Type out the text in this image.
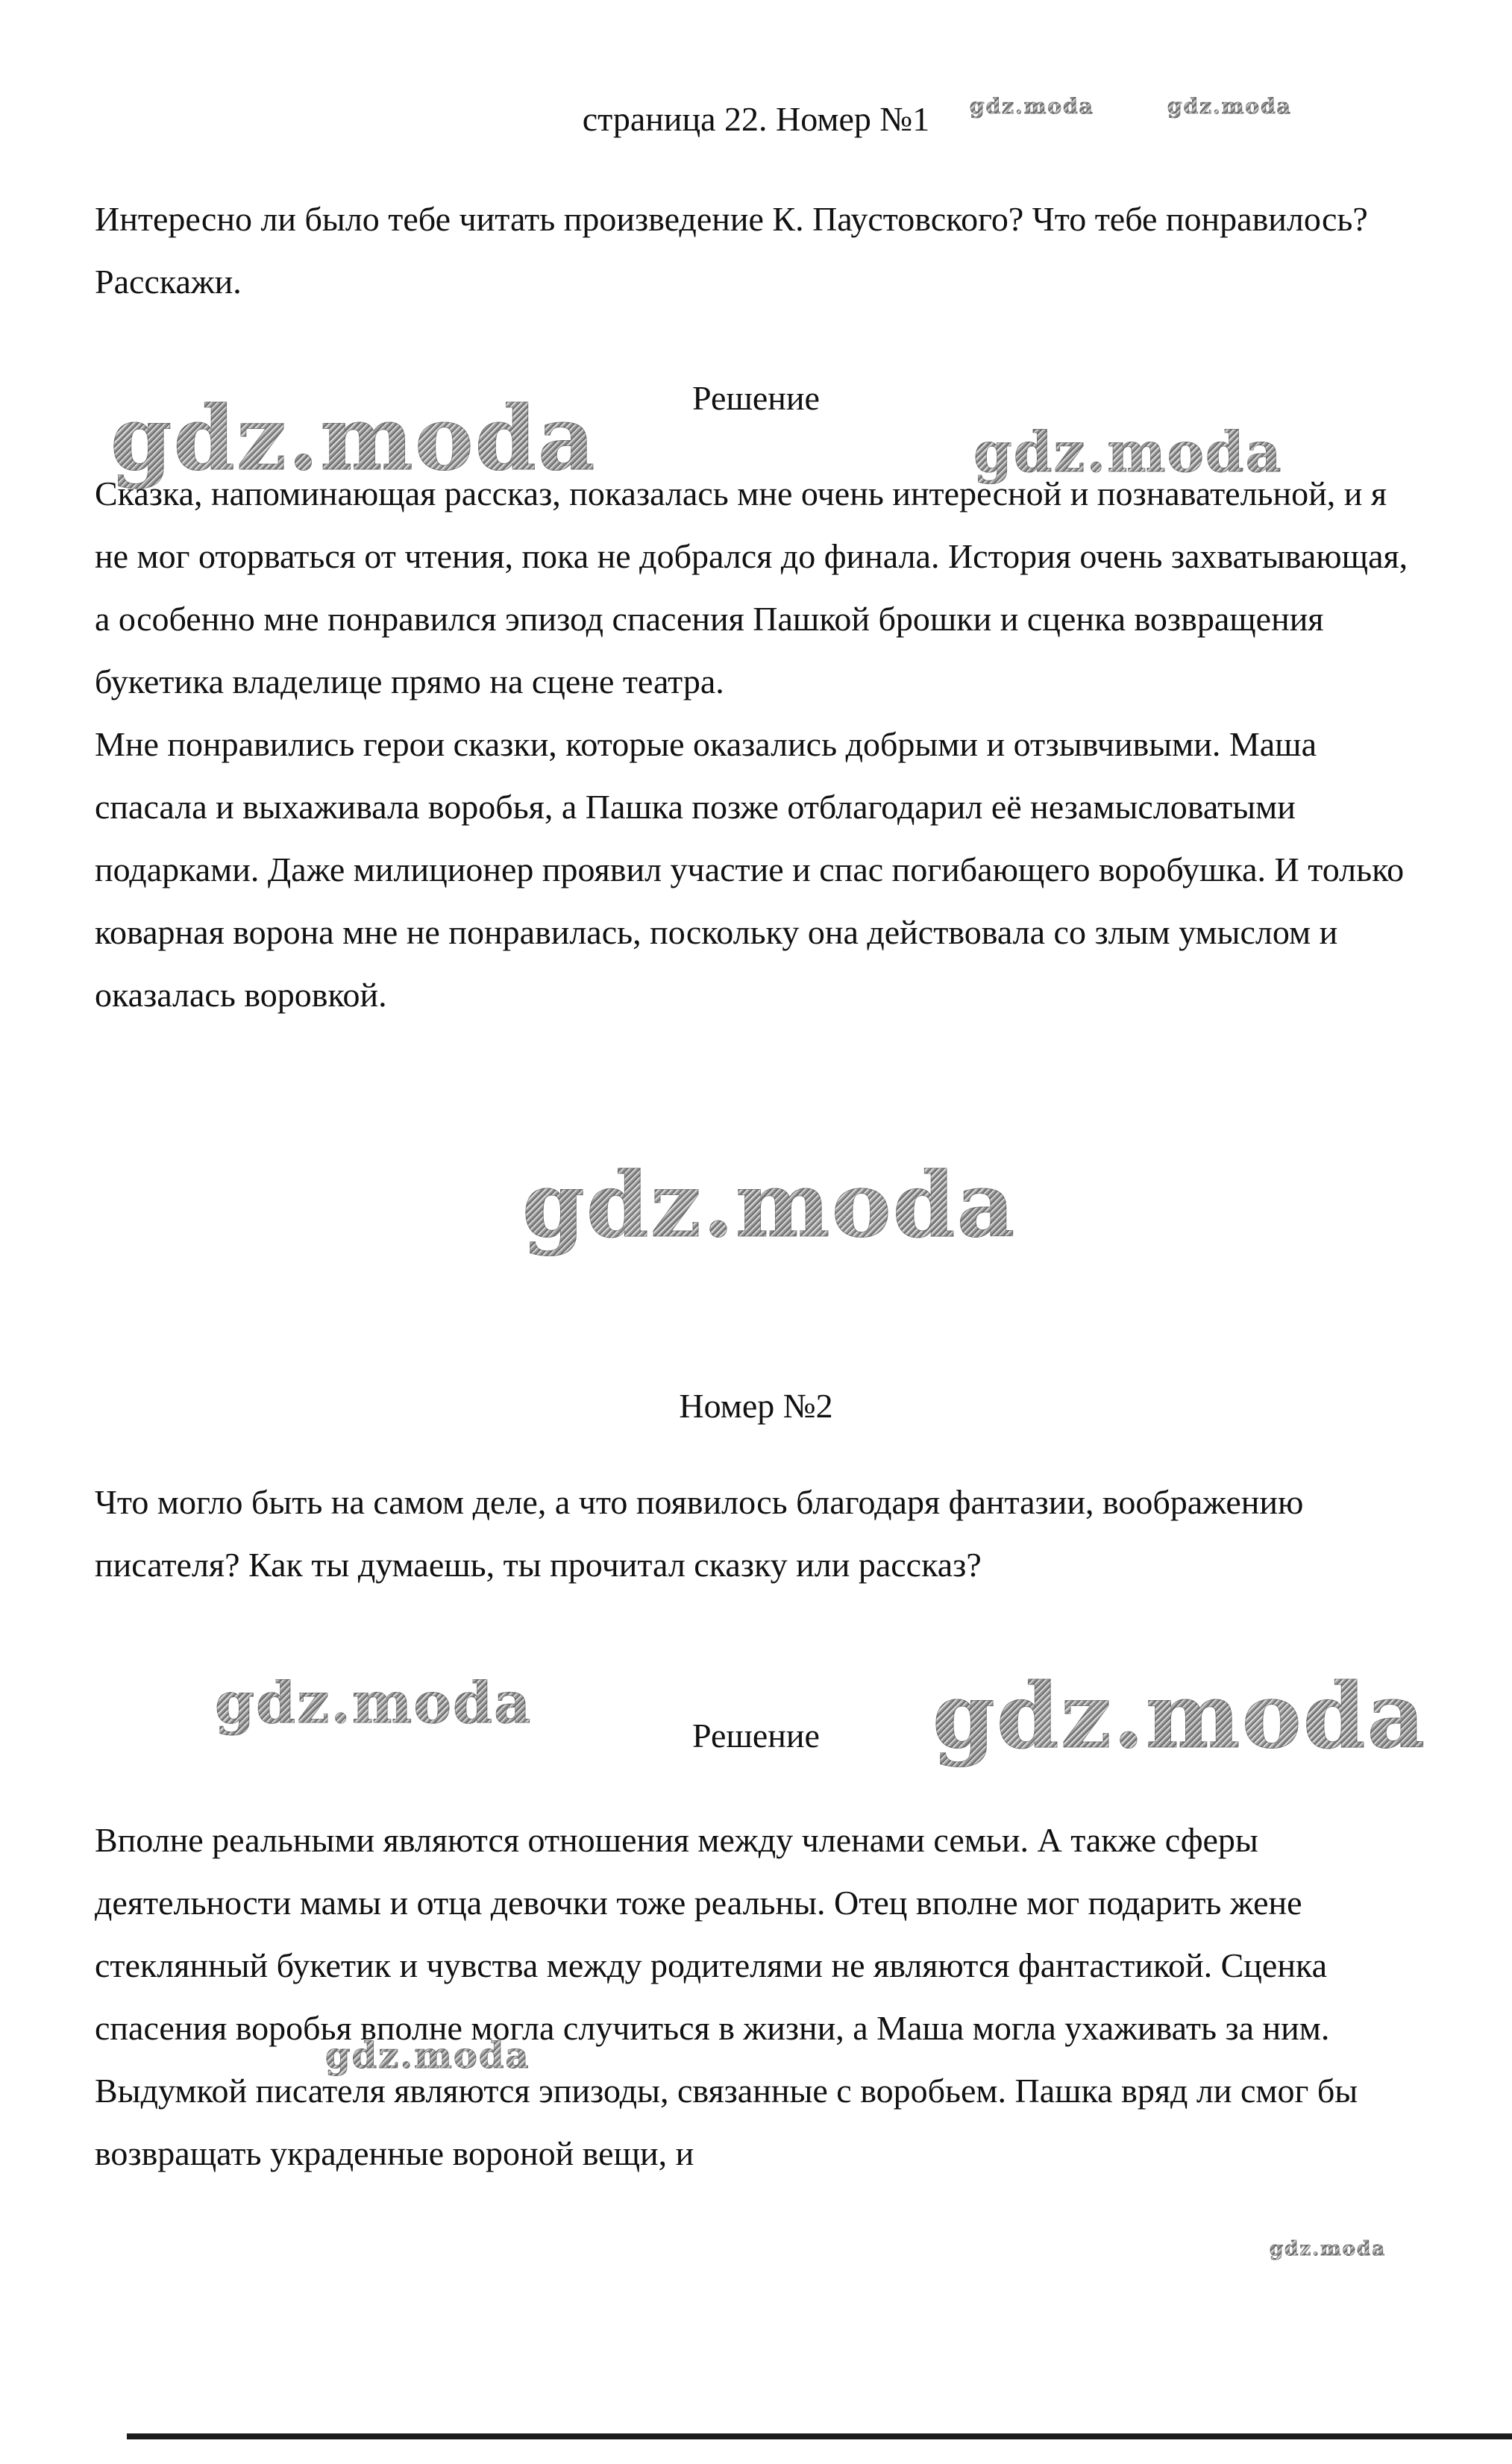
gdz.moda	gdz.moda
gdz.moda	gdz.moda
gdz.moda
gdz.moda	gdz.moda
gdz.moda
gdz.moda
страница 22. Номер №1
Интересно ли было тебе читать произведение К. Паустовского? Что тебе понравилось? Расскажи.
Решение

Сказка, напоминающая рассказ, показалась мне очень интересной и познавательной, и я не мог оторваться от чтения, пока не добрался до финала. История очень захватывающая, а особенно мне понравился эпизод спасения Пашкой брошки и сценка возвращения букетика владелице прямо на сцене театра.

Мне понравились герои сказки, которые оказались добрыми и отзывчивыми. Маша спасала и выхаживала воробья, а Пашка позже отблагодарил её незамысловатыми подарками. Даже милиционер проявил участие и спас погибающего воробушка. И только коварная ворона мне не понравилась, поскольку она действовала со злым умыслом и оказалась воровкой.

Номер №2
Что могло быть на самом деле, а что появилось благодаря фантазии, воображению писателя? Как ты думаешь, ты прочитал сказку или рассказ?
Решение

Вполне реальными являются отношения между членами семьи. А также сферы деятельности мамы и отца девочки тоже реальны. Отец вполне мог подарить жене стеклянный букетик и чувства между родителями не являются фантастикой. Сценка спасения воробья вполне могла случиться в жизни, а Маша могла ухаживать за ним. Выдумкой писателя являются эпизоды, связанные с воробьем. Пашка вряд ли смог бы возвращать украденные вороной вещи, и
